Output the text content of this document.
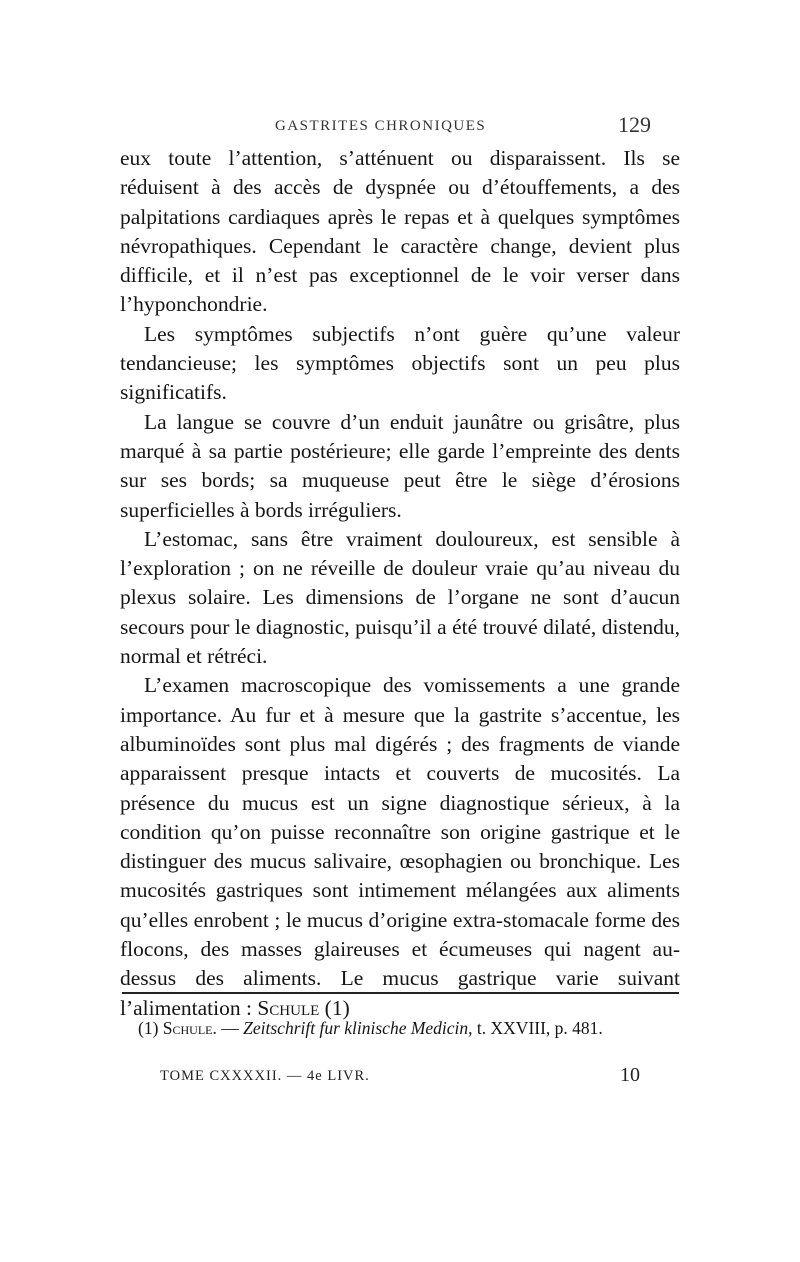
GASTRITES CHRONIQUES	129

eux toute l’attention, s’atténuent ou disparaissent. Ils se réduisent à des accès de dyspnée ou d’étouffements, a des palpitations cardiaques après le repas et à quelques symptômes névropathiques. Cependant le caractère change, devient plus difficile, et il n’est pas exceptionnel de le voir verser dans l’hyponchondrie.

Les symptômes subjectifs n’ont guère qu’une valeur tendancieuse; les symptômes objectifs sont un peu plus significatifs.

La langue se couvre d’un enduit jaunâtre ou grisâtre, plus marqué à sa partie postérieure; elle garde l’empreinte des dents sur ses bords; sa muqueuse peut être le siège d’érosions superficielles à bords irréguliers.

L’estomac, sans être vraiment douloureux, est sensible à l’exploration ; on ne réveille de douleur vraie qu’au niveau du plexus solaire. Les dimensions de l’organe ne sont d’aucun secours pour le diagnostic, puisqu’il a été trouvé dilaté, distendu, normal et rétréci.

L’examen macroscopique des vomissements a une grande importance. Au fur et à mesure que la gastrite s’accentue, les albuminoïdes sont plus mal digérés ; des fragments de viande apparaissent presque intacts et couverts de mucosités. La présence du mucus est un signe diagnostique sérieux, à la condition qu’on puisse reconnaître son origine gastrique et le distinguer des mucus salivaire, œsophagien ou bronchique. Les mucosités gastriques sont intimement mélangées aux aliments qu’elles enrobent ; le mucus d’origine extra-stomacale forme des flocons, des masses glaireuses et écumeuses qui nagent au-dessus des aliments. Le mucus gastrique varie suivant l’alimentation : Schule (1)

(1) Schule. — Zeitschrift fur klinische Medicin, t. XXVIII, p. 481.
TOME CXXXXII. — 4e LIVR.	10
